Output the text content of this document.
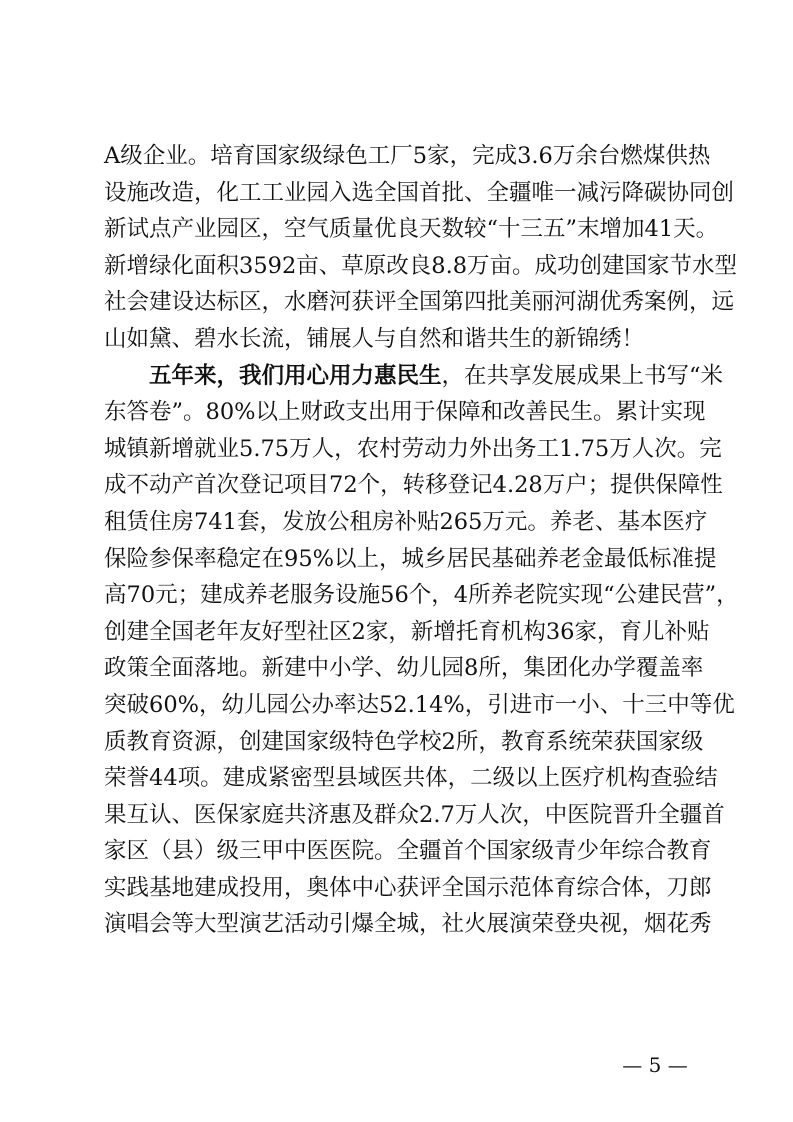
A级企业。培育国家级绿色工厂5家，完成3.6万余台燃煤供热
设施改造，化工工业园入选全国首批、全疆唯一减污降碳协同创
新试点产业园区，空气质量优良天数较“十三五”末增加41天。
新增绿化面积3592亩、草原改良8.8万亩。成功创建国家节水型
社会建设达标区，水磨河获评全国第四批美丽河湖优秀案例，远
山如黛、碧水长流，铺展人与自然和谐共生的新锦绣！
五年来，我们用心用力惠民生，在共享发展成果上书写“米
东答卷”。80%以上财政支出用于保障和改善民生。累计实现
城镇新增就业5.75万人，农村劳动力外出务工1.75万人次。完
成不动产首次登记项目72个，转移登记4.28万户；提供保障性
租赁住房741套，发放公租房补贴265万元。养老、基本医疗
保险参保率稳定在95%以上，城乡居民基础养老金最低标准提
高70元；建成养老服务设施56个，4所养老院实现“公建民营”，
创建全国老年友好型社区2家，新增托育机构36家，育儿补贴
政策全面落地。新建中小学、幼儿园8所，集团化办学覆盖率
突破60%，幼儿园公办率达52.14%，引进市一小、十三中等优
质教育资源，创建国家级特色学校2所，教育系统荣获国家级
荣誉44项。建成紧密型县域医共体，二级以上医疗机构查验结
果互认、医保家庭共济惠及群众2.7万人次，中医院晋升全疆首
家区（县）级三甲中医医院。全疆首个国家级青少年综合教育
实践基地建成投用，奥体中心获评全国示范体育综合体，刀郎
演唱会等大型演艺活动引爆全城，社火展演荣登央视，烟花秀
— 5 —
